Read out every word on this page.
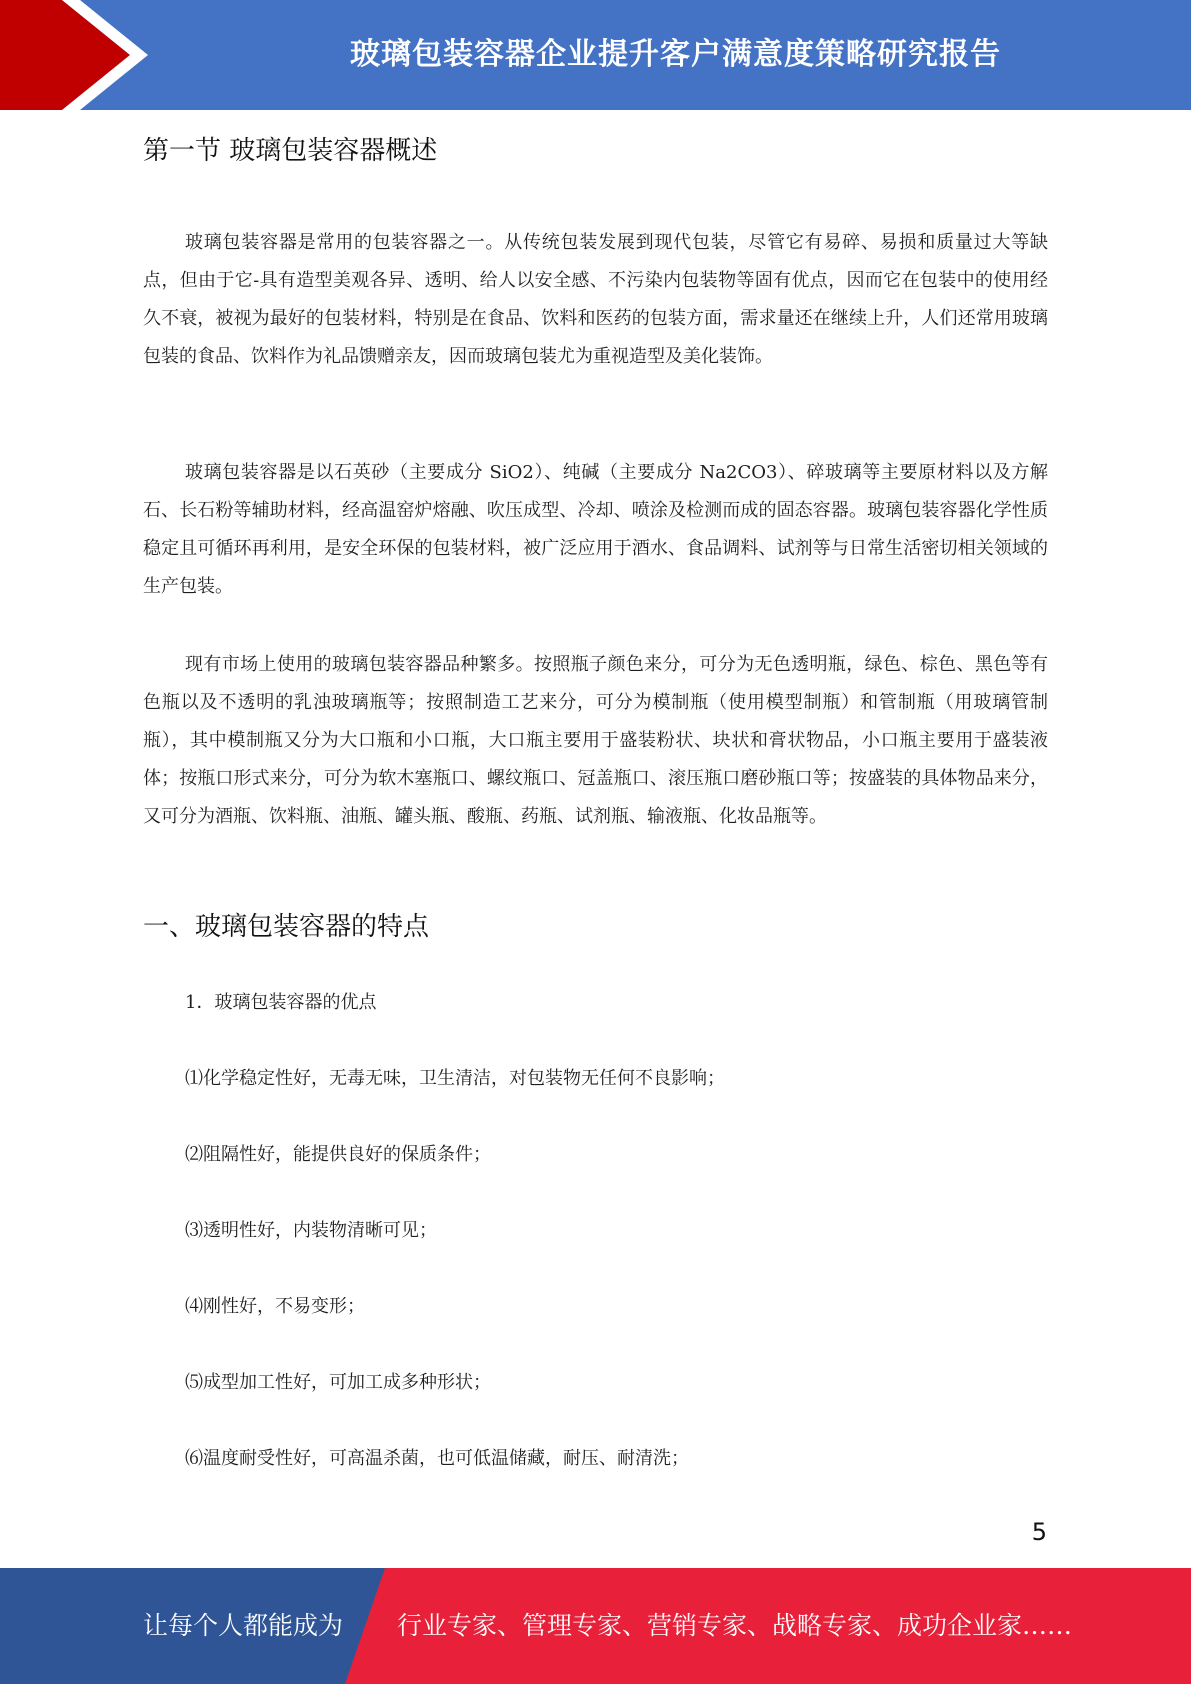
玻璃包装容器企业提升客户满意度策略研究报告
第一节 玻璃包装容器概述

玻璃包装容器是常用的包装容器之一。从传统包装发展到现代包装，尽管它有易碎、易损和质量过大等缺点，但由于它-具有造型美观各异、透明、给人以安全感、不污染内包装物等固有优点，因而它在包装中的使用经久不衰，被视为最好的包装材料，特别是在食品、饮料和医药的包装方面，需求量还在继续上升，人们还常用玻璃包装的食品、饮料作为礼品馈赠亲友，因而玻璃包装尤为重视造型及美化装饰。

玻璃包装容器是以石英砂（主要成分 SiO2）、纯碱（主要成分 Na2CO3）、碎玻璃等主要原材料以及方解石、长石粉等辅助材料，经高温窑炉熔融、吹压成型、冷却、喷涂及检测而成的固态容器。玻璃包装容器化学性质稳定且可循环再利用，是安全环保的包装材料，被广泛应用于酒水、食品调料、试剂等与日常生活密切相关领域的生产包装。

现有市场上使用的玻璃包装容器品种繁多。按照瓶子颜色来分，可分为无色透明瓶，绿色、棕色、黑色等有色瓶以及不透明的乳浊玻璃瓶等；按照制造工艺来分，可分为模制瓶（使用模型制瓶）和管制瓶（用玻璃管制瓶），其中模制瓶又分为大口瓶和小口瓶，大口瓶主要用于盛装粉状、块状和膏状物品，小口瓶主要用于盛装液体；按瓶口形式来分，可分为软木塞瓶口、螺纹瓶口、冠盖瓶口、滚压瓶口磨砂瓶口等；按盛装的具体物品来分，又可分为酒瓶、饮料瓶、油瓶、罐头瓶、酸瓶、药瓶、试剂瓶、输液瓶、化妆品瓶等。

一、玻璃包装容器的特点
1．玻璃包装容器的优点
⑴化学稳定性好，无毒无味，卫生清洁，对包装物无任何不良影响；
⑵阻隔性好，能提供良好的保质条件；
⑶透明性好，内装物清晰可见；
⑷刚性好，不易变形；
⑸成型加工性好，可加工成多种形状；
⑹温度耐受性好，可高温杀菌，也可低温储藏，耐压、耐清洗；
5
让每个人都能成为 行业专家、管理专家、营销专家、战略专家、成功企业家……
